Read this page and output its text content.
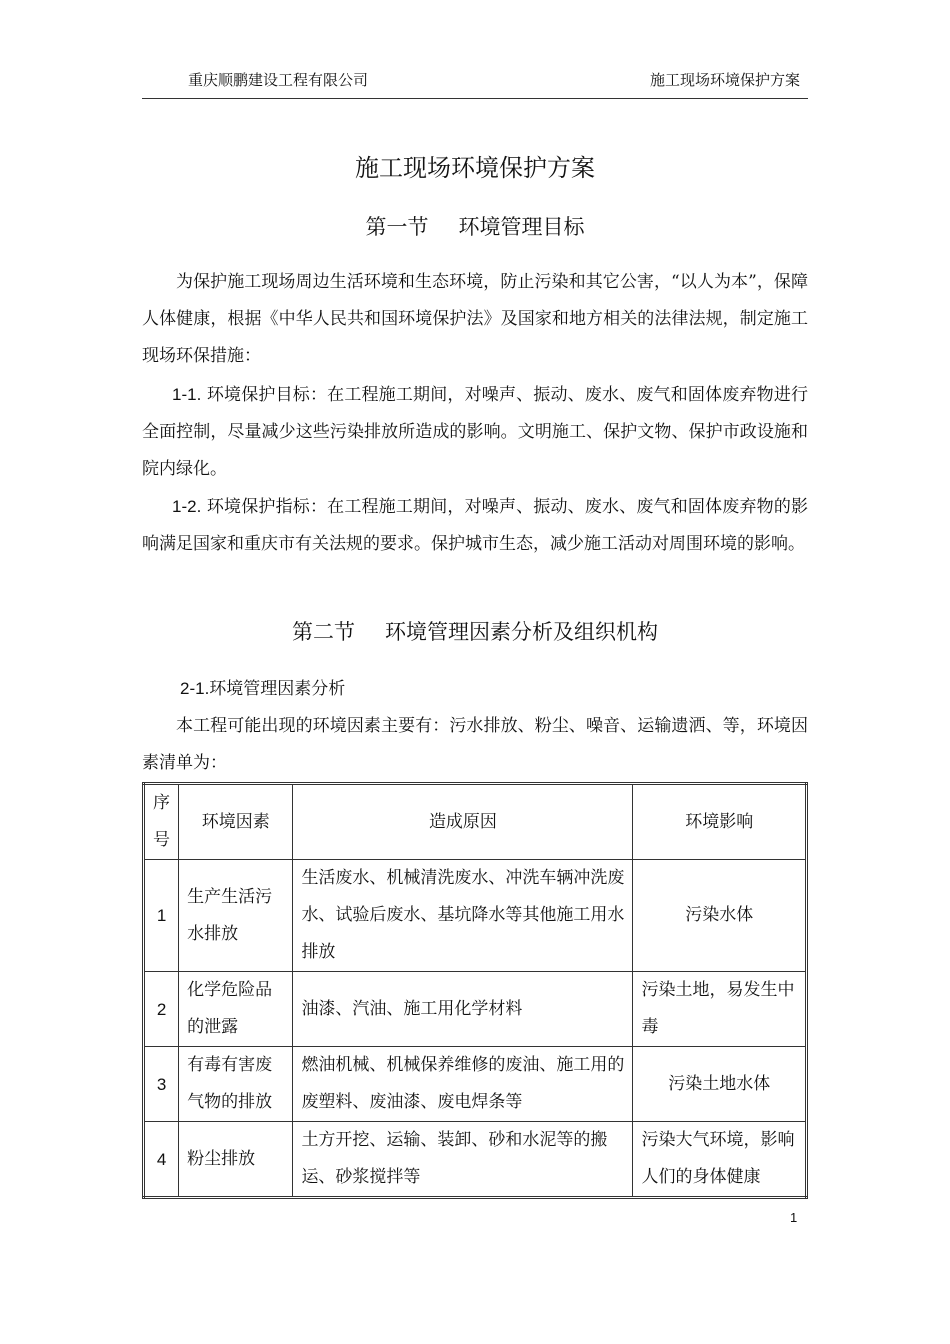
重庆顺鹏建设工程有限公司	施工现场环境保护方案
施工现场环境保护方案
第一节 环境管理目标
为保护施工现场周边生活环境和生态环境，防止污染和其它公害，“以人为本”，保障人体健康，根据《中华人民共和国环境保护法》及国家和地方相关的法律法规，制定施工现场环保措施：
1-1. 环境保护目标：在工程施工期间，对噪声、振动、废水、废气和固体废弃物进行全面控制，尽量减少这些污染排放所造成的影响。文明施工、保护文物、保护市政设施和院内绿化。
1-2. 环境保护指标：在工程施工期间，对噪声、振动、废水、废气和固体废弃物的影响满足国家和重庆市有关法规的要求。保护城市生态，减少施工活动对周围环境的影响。
第二节 环境管理因素分析及组织机构
2-1.环境管理因素分析
本工程可能出现的环境因素主要有：污水排放、粉尘、噪音、运输遗洒、等，环境因素清单为：
序号	环境因素	造成原因	环境影响
1	生产生活污水排放	生活废水、机械清洗废水、冲洗车辆冲洗废水、试验后废水、基坑降水等其他施工用水排放	污染水体
2	化学危险品的泄露	油漆、汽油、施工用化学材料	污染土地，易发生中毒
3	有毒有害废气物的排放	燃油机械、机械保养维修的废油、施工用的废塑料、废油漆、废电焊条等	污染土地水体
4	粉尘排放	土方开挖、运输、装卸、砂和水泥等的搬运、砂浆搅拌等	污染大气环境，影响人们的身体健康
1
